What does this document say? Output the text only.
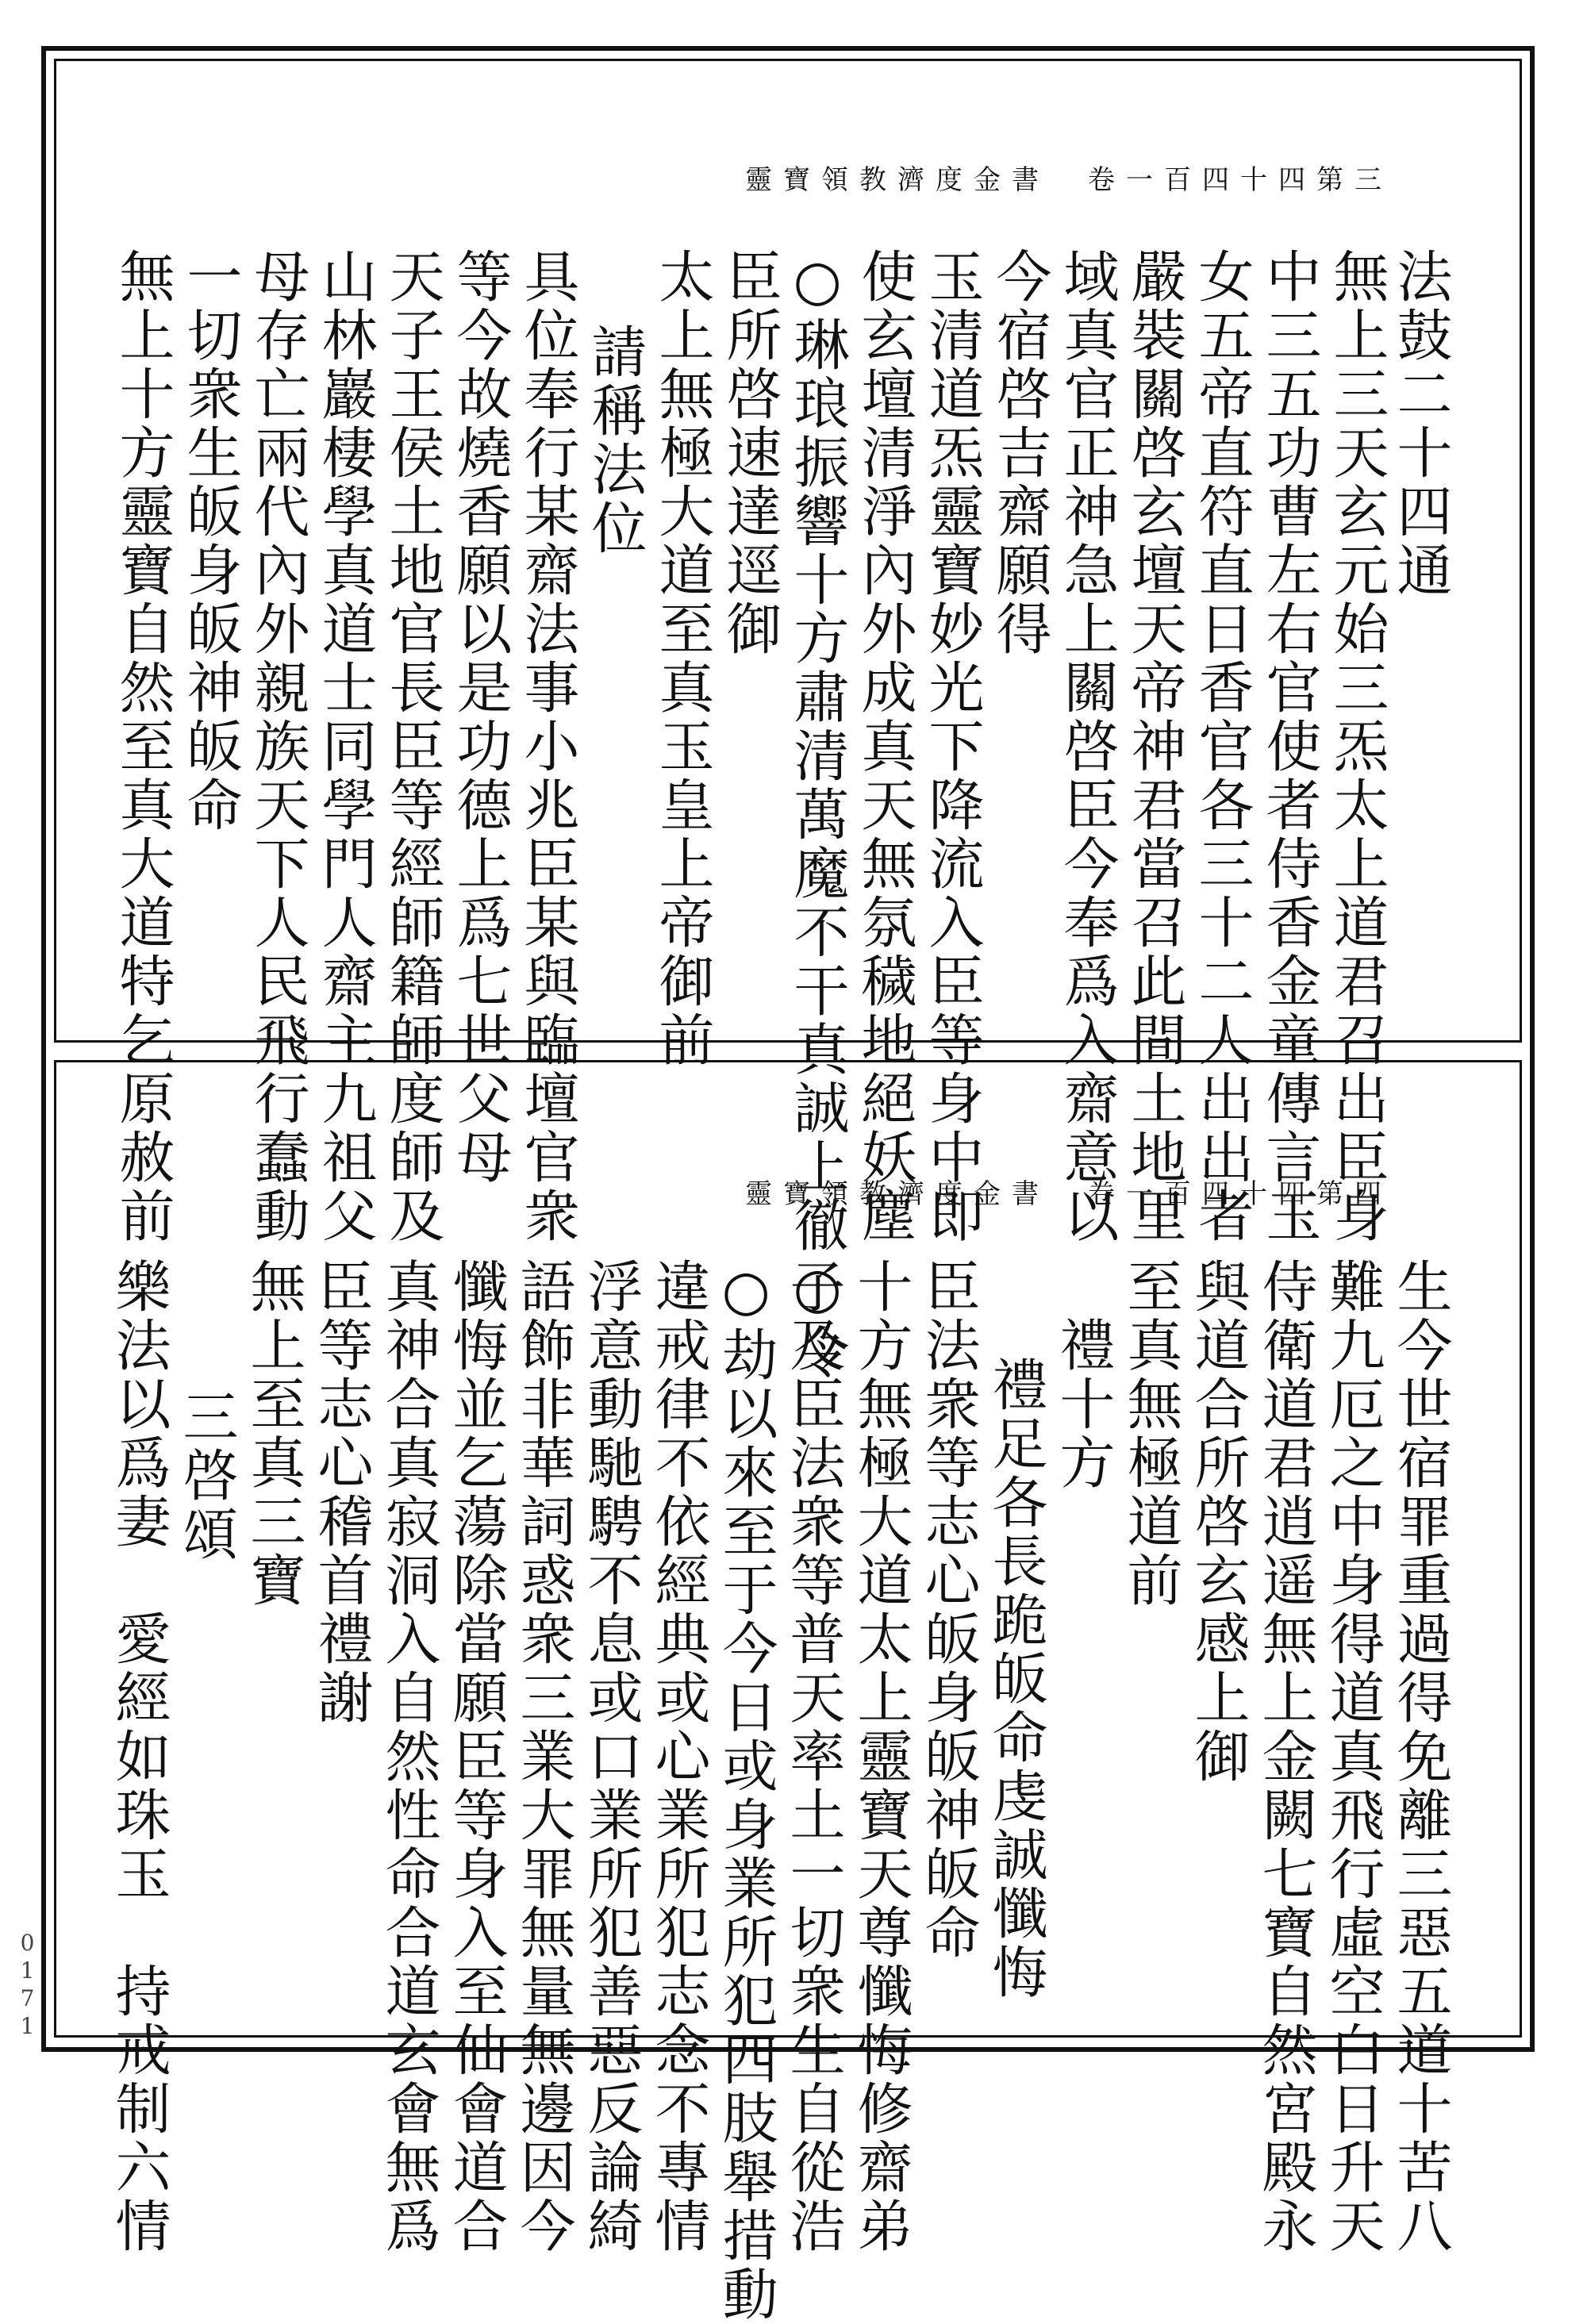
靈寶領教濟度金書　卷一百四十四第三
法鼓二十四通
無上三天玄元始三炁太上道君召出臣身
中三五功曹左右官使者侍香金童傳言玉
女五帝直符直日香官各三十二人出出者
嚴裝關啓玄壇天帝神君當召此間土地里
域真官正神急上關啓臣今奉爲入齋意以
今宿啓吉齋願得
玉清道炁靈寶妙光下降流入臣等身中即
使玄壇清淨內外成真天無氛穢地絕妖塵
○琳琅振響十方肅清萬魔不干真誠上徹○令
臣所啓速達逕御
太上無極大道至真玉皇上帝御前
請稱法位
具位奉行某齋法事小兆臣某與臨壇官衆
等今故燒香願以是功德上爲七世父母
天子王侯土地官長臣等經師籍師度師及
山林巖棲學真道士同學門人齋主九祖父
母存亡兩代內外親族天下人民飛行蠢動
一切衆生皈身皈神皈命
無上十方靈寶自然至真大道特乞原赦前	靈寶領教濟度金書　卷一百四十四第四
生今世宿罪重過得免離三惡五道十苦八
難九厄之中身得道真飛行虛空白日升天
侍衛道君逍遥無上金闕七寶自然宮殿永
與道合所啓玄感上御
至真無極道前
禮十方
禮足各長跪皈命虔誠懺悔
臣法衆等志心皈身皈神皈命
十方無極大道太上靈寶天尊懺悔修齋弟
子及臣法衆等普天率土一切衆生自從浩
○劫以來至于今日或身業所犯四肢舉措動
違戒律不依經典或心業所犯志念不專情
浮意動馳騁不息或口業所犯善惡反論綺
語飾非華詞惑衆三業大罪無量無邊因今
懺悔並乞蕩除當願臣等身入至仙會道合
真神合真寂洞入自然性命合道玄會無爲
臣等志心稽首禮謝
無上至真三寶
三啓頌
樂法以爲妻　愛經如珠玉　持戒制六情
0171
